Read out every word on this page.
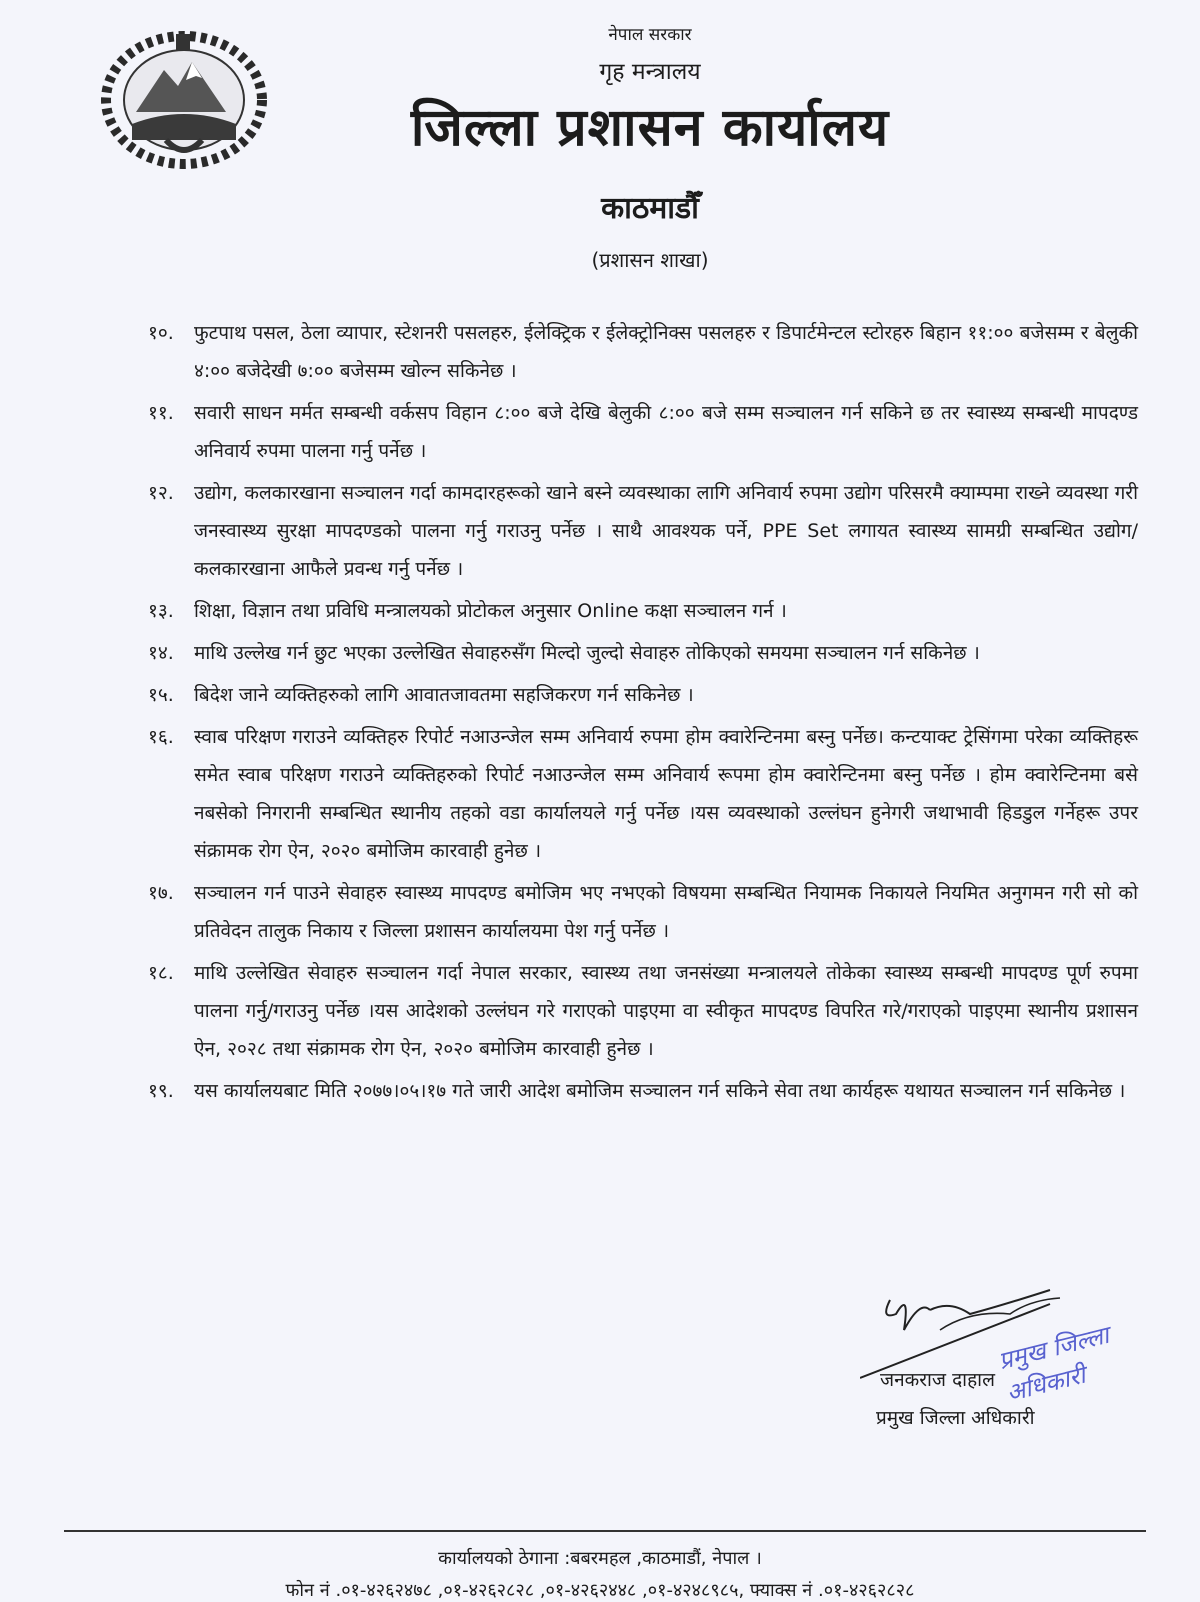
नेपाल सरकार
गृह मन्त्रालय
जिल्ला प्रशासन कार्यालय
काठमाडौँ
(प्रशासन शाखा)
१०.	फुटपाथ पसल, ठेला व्यापार, स्टेशनरी पसलहरु, ईलेक्ट्रिक र ईलेक्ट्रोनिक्स पसलहरु र डिपार्टमेन्टल स्टोरहरु बिहान ११:०० बजेसम्म र बेलुकी ४:०० बजेदेखी ७:०० बजेसम्म खोल्न सकिनेछ ।
११.	सवारी साधन मर्मत सम्बन्धी वर्कसप विहान ८:०० बजे देखि बेलुकी ८:०० बजे सम्म सञ्चालन गर्न सकिने छ तर स्वास्थ्य सम्बन्धी मापदण्ड अनिवार्य रुपमा पालना गर्नु पर्नेछ ।
१२.	उद्योग, कलकारखाना सञ्चालन गर्दा कामदारहरूको खाने बस्ने व्यवस्थाका लागि अनिवार्य रुपमा उद्योग परिसरमै क्याम्पमा राख्ने व्यवस्था गरी जनस्वास्थ्य सुरक्षा मापदण्डको पालना गर्नु गराउनु पर्नेछ । साथै आवश्यक पर्ने, PPE Set लगायत स्वास्थ्य सामग्री सम्बन्धित उद्योग/कलकारखाना आफैले प्रवन्ध गर्नु पर्नेछ ।
१३.	शिक्षा, विज्ञान तथा प्रविधि मन्त्रालयको प्रोटोकल अनुसार Online कक्षा सञ्चालन गर्न ।
१४.	माथि उल्लेख गर्न छुट भएका उल्लेखित सेवाहरुसँग मिल्दो जुल्दो सेवाहरु तोकिएको समयमा सञ्चालन गर्न सकिनेछ ।
१५.	बिदेश जाने व्यक्तिहरुको लागि आवातजावतमा सहजिकरण गर्न सकिनेछ ।
१६.	स्वाब परिक्षण गराउने व्यक्तिहरु रिपोर्ट नआउन्जेल सम्म अनिवार्य रुपमा होम क्वारेन्टिनमा बस्नु पर्नेछ। कन्टयाक्ट ट्रेसिंगमा परेका व्यक्तिहरू समेत स्वाब परिक्षण गराउने व्यक्तिहरुको रिपोर्ट नआउन्जेल सम्म अनिवार्य रूपमा होम क्वारेन्टिनमा बस्नु पर्नेछ । होम क्वारेन्टिनमा बसे नबसेको निगरानी सम्बन्धित स्थानीय तहको वडा कार्यालयले गर्नु पर्नेछ ।यस व्यवस्थाको उल्लंघन हुनेगरी जथाभावी हिडडुल गर्नेहरू उपर संक्रामक रोग ऐन, २०२० बमोजिम कारवाही हुनेछ ।
१७.	सञ्चालन गर्न पाउने सेवाहरु स्वास्थ्य मापदण्ड बमोजिम भए नभएको विषयमा सम्बन्धित नियामक निकायले नियमित अनुगमन गरी सो को प्रतिवेदन तालुक निकाय र जिल्ला प्रशासन कार्यालयमा पेश गर्नु पर्नेछ ।
१८.	माथि उल्लेखित सेवाहरु सञ्चालन गर्दा नेपाल सरकार, स्वास्थ्य तथा जनसंख्या मन्त्रालयले तोकेका स्वास्थ्य सम्बन्धी मापदण्ड पूर्ण रुपमा पालना गर्नु/गराउनु पर्नेछ ।यस आदेशको उल्लंघन गरे गराएको पाइएमा वा स्वीकृत मापदण्ड विपरित गरे/गराएको पाइएमा स्थानीय प्रशासन ऐन, २०२८ तथा संक्रामक रोग ऐन, २०२० बमोजिम कारवाही हुनेछ ।
१९.	यस कार्यालयबाट मिति २०७७।०५।१७ गते जारी आदेश बमोजिम सञ्चालन गर्न सकिने सेवा तथा कार्यहरू यथायत सञ्चालन गर्न सकिनेछ ।
प्रमुख जिल्ला अधिकारी
जनकराज दाहाल
प्रमुख जिल्ला अधिकारी
कार्यालयको ठेगाना :बबरमहल ,काठमाडौं, नेपाल ।
फोन नं .०१-४२६२४७८ ,०१-४२६२८२८ ,०१-४२६२४४८ ,०१-४२४८९८५, फ्याक्स नं .०१-४२६२८२८
